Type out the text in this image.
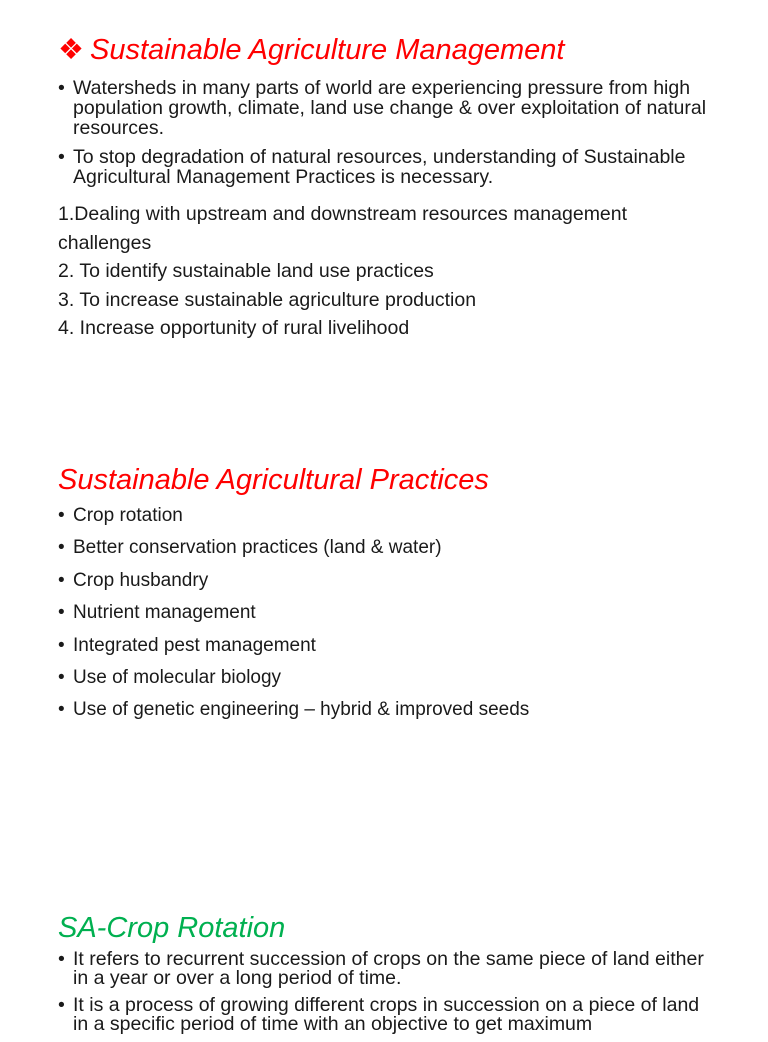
❖ Sustainable Agriculture Management
• Watersheds in many parts of world are experiencing pressure from high population growth, climate, land use change & over exploitation of natural resources.
• To stop degradation of natural resources, understanding of Sustainable Agricultural Management Practices is necessary.
1.Dealing with upstream and downstream resources management challenges
2. To identify sustainable land use practices
3. To increase sustainable agriculture production
4. Increase opportunity of rural livelihood
Sustainable Agricultural Practices
• Crop rotation
• Better conservation practices (land & water)
• Crop husbandry
• Nutrient management
• Integrated pest management
• Use of molecular biology
• Use of genetic engineering – hybrid & improved seeds
SA-Crop Rotation
• It refers to recurrent succession of crops on the same piece of land either in a year or over a long period of time.
• It is a process of growing different crops in succession on a piece of land in a specific period of time with an objective to get maximum
